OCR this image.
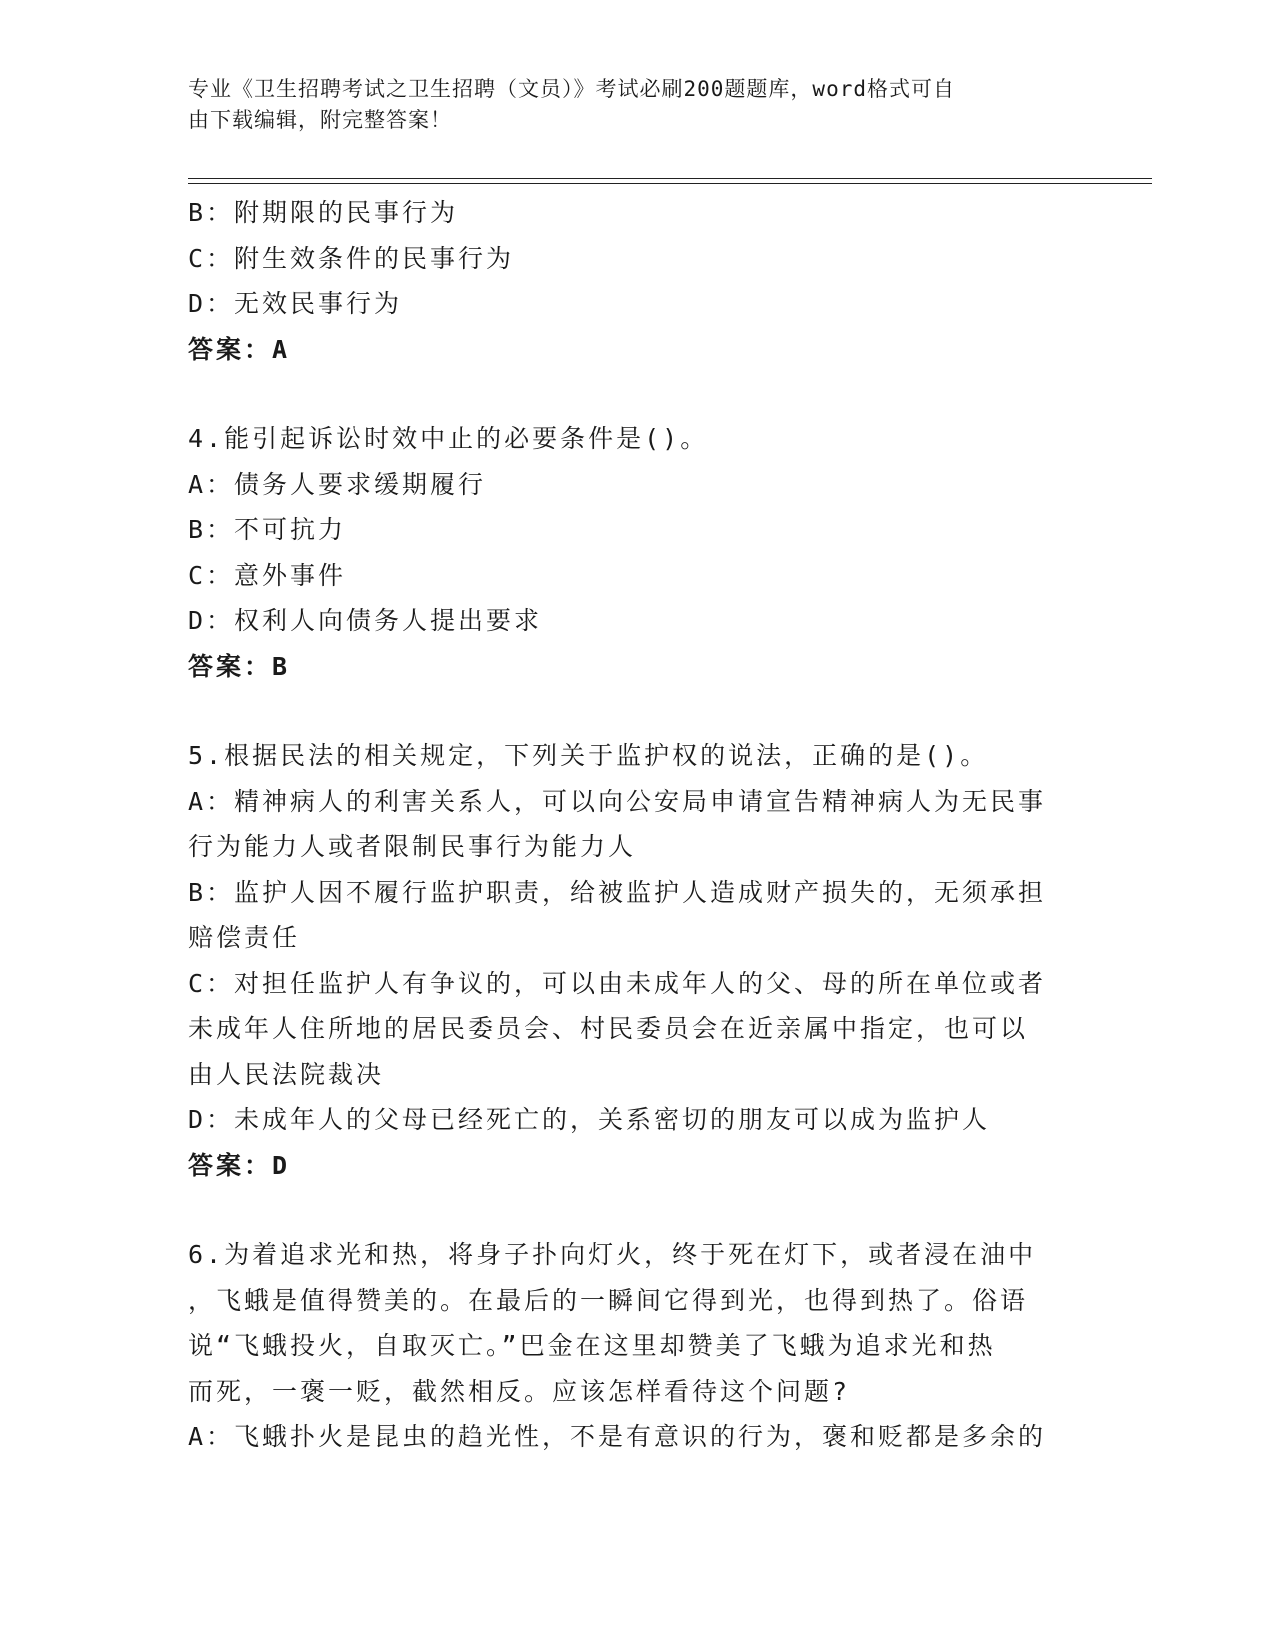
专业《卫生招聘考试之卫生招聘（文员）》考试必刷200题题库，word格式可自
由下载编辑，附完整答案！

B：附期限的民事行为

C：附生效条件的民事行为

D：无效民事行为

答案：A

4.能引起诉讼时效中止的必要条件是()。

A：债务人要求缓期履行

B：不可抗力

C：意外事件

D：权利人向债务人提出要求

答案：B

5.根据民法的相关规定，下列关于监护权的说法，正确的是()。

A：精神病人的利害关系人，可以向公安局申请宣告精神病人为无民事

行为能力人或者限制民事行为能力人

B：监护人因不履行监护职责，给被监护人造成财产损失的，无须承担

赔偿责任

C：对担任监护人有争议的，可以由未成年人的父、母的所在单位或者

未成年人住所地的居民委员会、村民委员会在近亲属中指定，也可以

由人民法院裁决

D：未成年人的父母已经死亡的，关系密切的朋友可以成为监护人

答案：D

6.为着追求光和热，将身子扑向灯火，终于死在灯下，或者浸在油中

，飞蛾是值得赞美的。在最后的一瞬间它得到光，也得到热了。俗语

说“飞蛾投火，自取灭亡。”巴金在这里却赞美了飞蛾为追求光和热

而死，一褒一贬，截然相反。应该怎样看待这个问题?

A：飞蛾扑火是昆虫的趋光性，不是有意识的行为，褒和贬都是多余的
